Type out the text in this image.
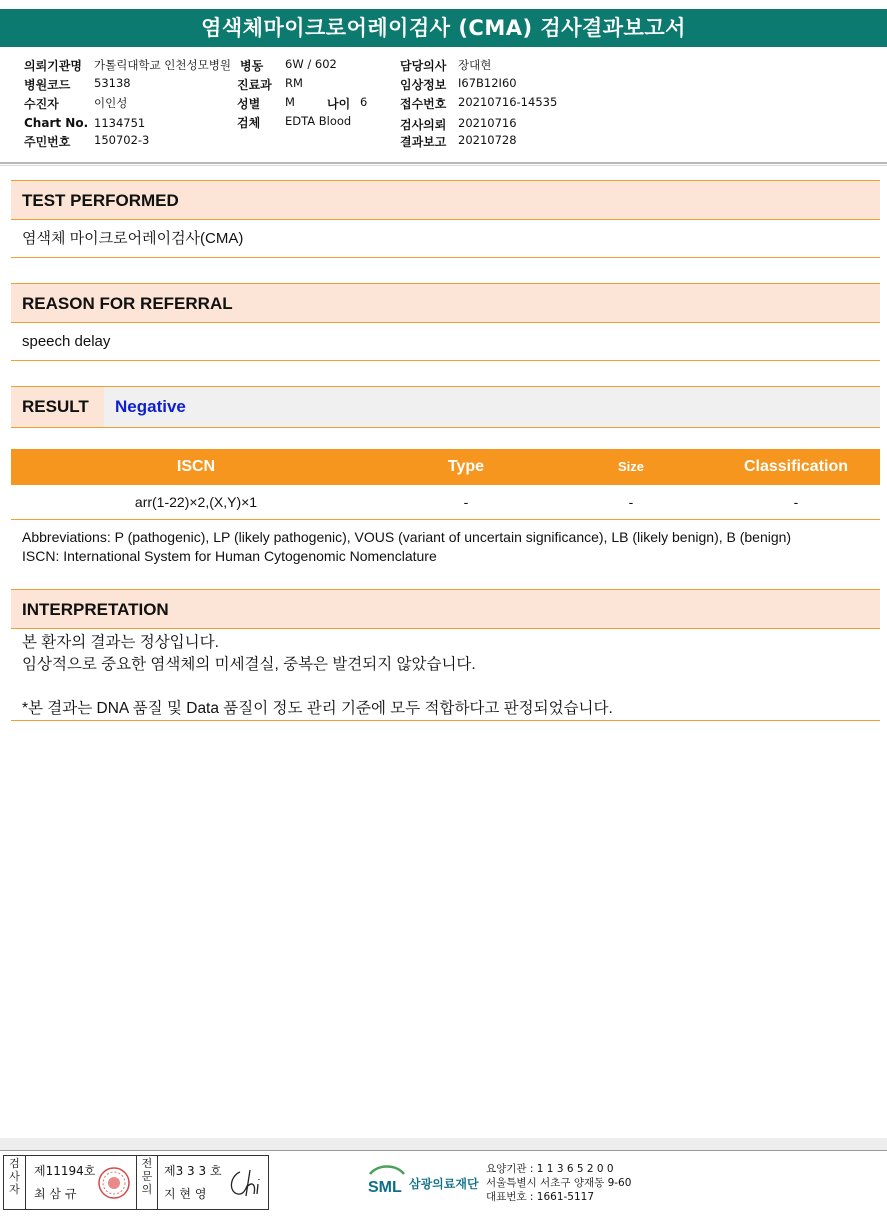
염색체마이크로어레이검사 (CMA) 검사결과보고서
의뢰기관명 가톨릭대학교 인천성모병원
병원코드 53138
수진자	이인성
Chart No. 1134751
주민번호 150702-3
병동 6W / 602
진료과 RM
성별 M	나이 6
검체 EDTA Blood
담당의사 장대현
임상정보 I67B12I60
접수번호 20210716-14535
검사의뢰 20210716
결과보고 20210728
TEST PERFORMED
염색체 마이크로어레이검사(CMA)
REASON FOR REFERRAL
speech delay
RESULT	Negative
ISCN	Type	Size	Classification
arr(1-22)×2,(X,Y)×1	-	-	-
Abbreviations: P (pathogenic), LP (likely pathogenic), VOUS (variant of uncertain significance), LB (likely benign), B (benign)
ISCN: International System for Human Cytogenomic Nomenclature
INTERPRETATION
본 환자의 결과는 정상입니다.
임상적으로 중요한 염색체의 미세결실, 중복은 발견되지 않았습니다.
*본 결과는 DNA 품질 및 Data 품질이 정도 관리 기준에 모두 적합하다고 판정되었습니다.
검사자
제11194호
최 삼 규
전문의
제3 3 3 호
지 현 영	SML 삼광의료재단
요양기관 : 1 1 3 6 5 2 0 0
서울특별시 서초구 양재동 9-60
대표번호 : 1661-5117
